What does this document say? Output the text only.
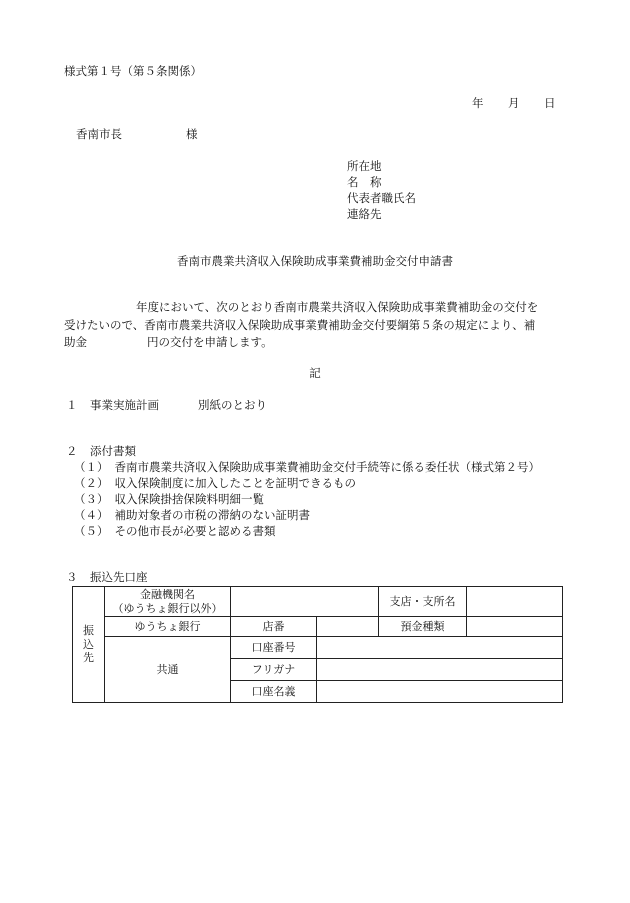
様式第１号（第５条関係）
年 月 日
香南市長	様
所在地
名　称
代表者職氏名
連絡先
香南市農業共済収入保険助成事業費補助金交付申請書
年度において、次のとおり香南市農業共済収入保険助成事業費補助金の交付を
受けたいので、香南市農業共済収入保険助成事業費補助金交付要綱第５条の規定により、補
助金	円の交付を申請します。
記
１ 事業実施計画	別紙のとおり
２ 添付書類
（１） 香南市農業共済収入保険助成事業費補助金交付手続等に係る委任状（様式第２号）
（２） 収入保険制度に加入したことを証明できるもの
（３） 収入保険掛捨保険料明細一覧
（４） 補助対象者の市税の滞納のない証明書
（５） その他市長が必要と認める書類
３ 振込先口座
振込先	金融機関名
（ゆうちょ銀行以外）			支店・支所名	
	ゆうちょ銀行	店番		預金種類	
	共通	口座番号			
		フリガナ			
		口座名義			
